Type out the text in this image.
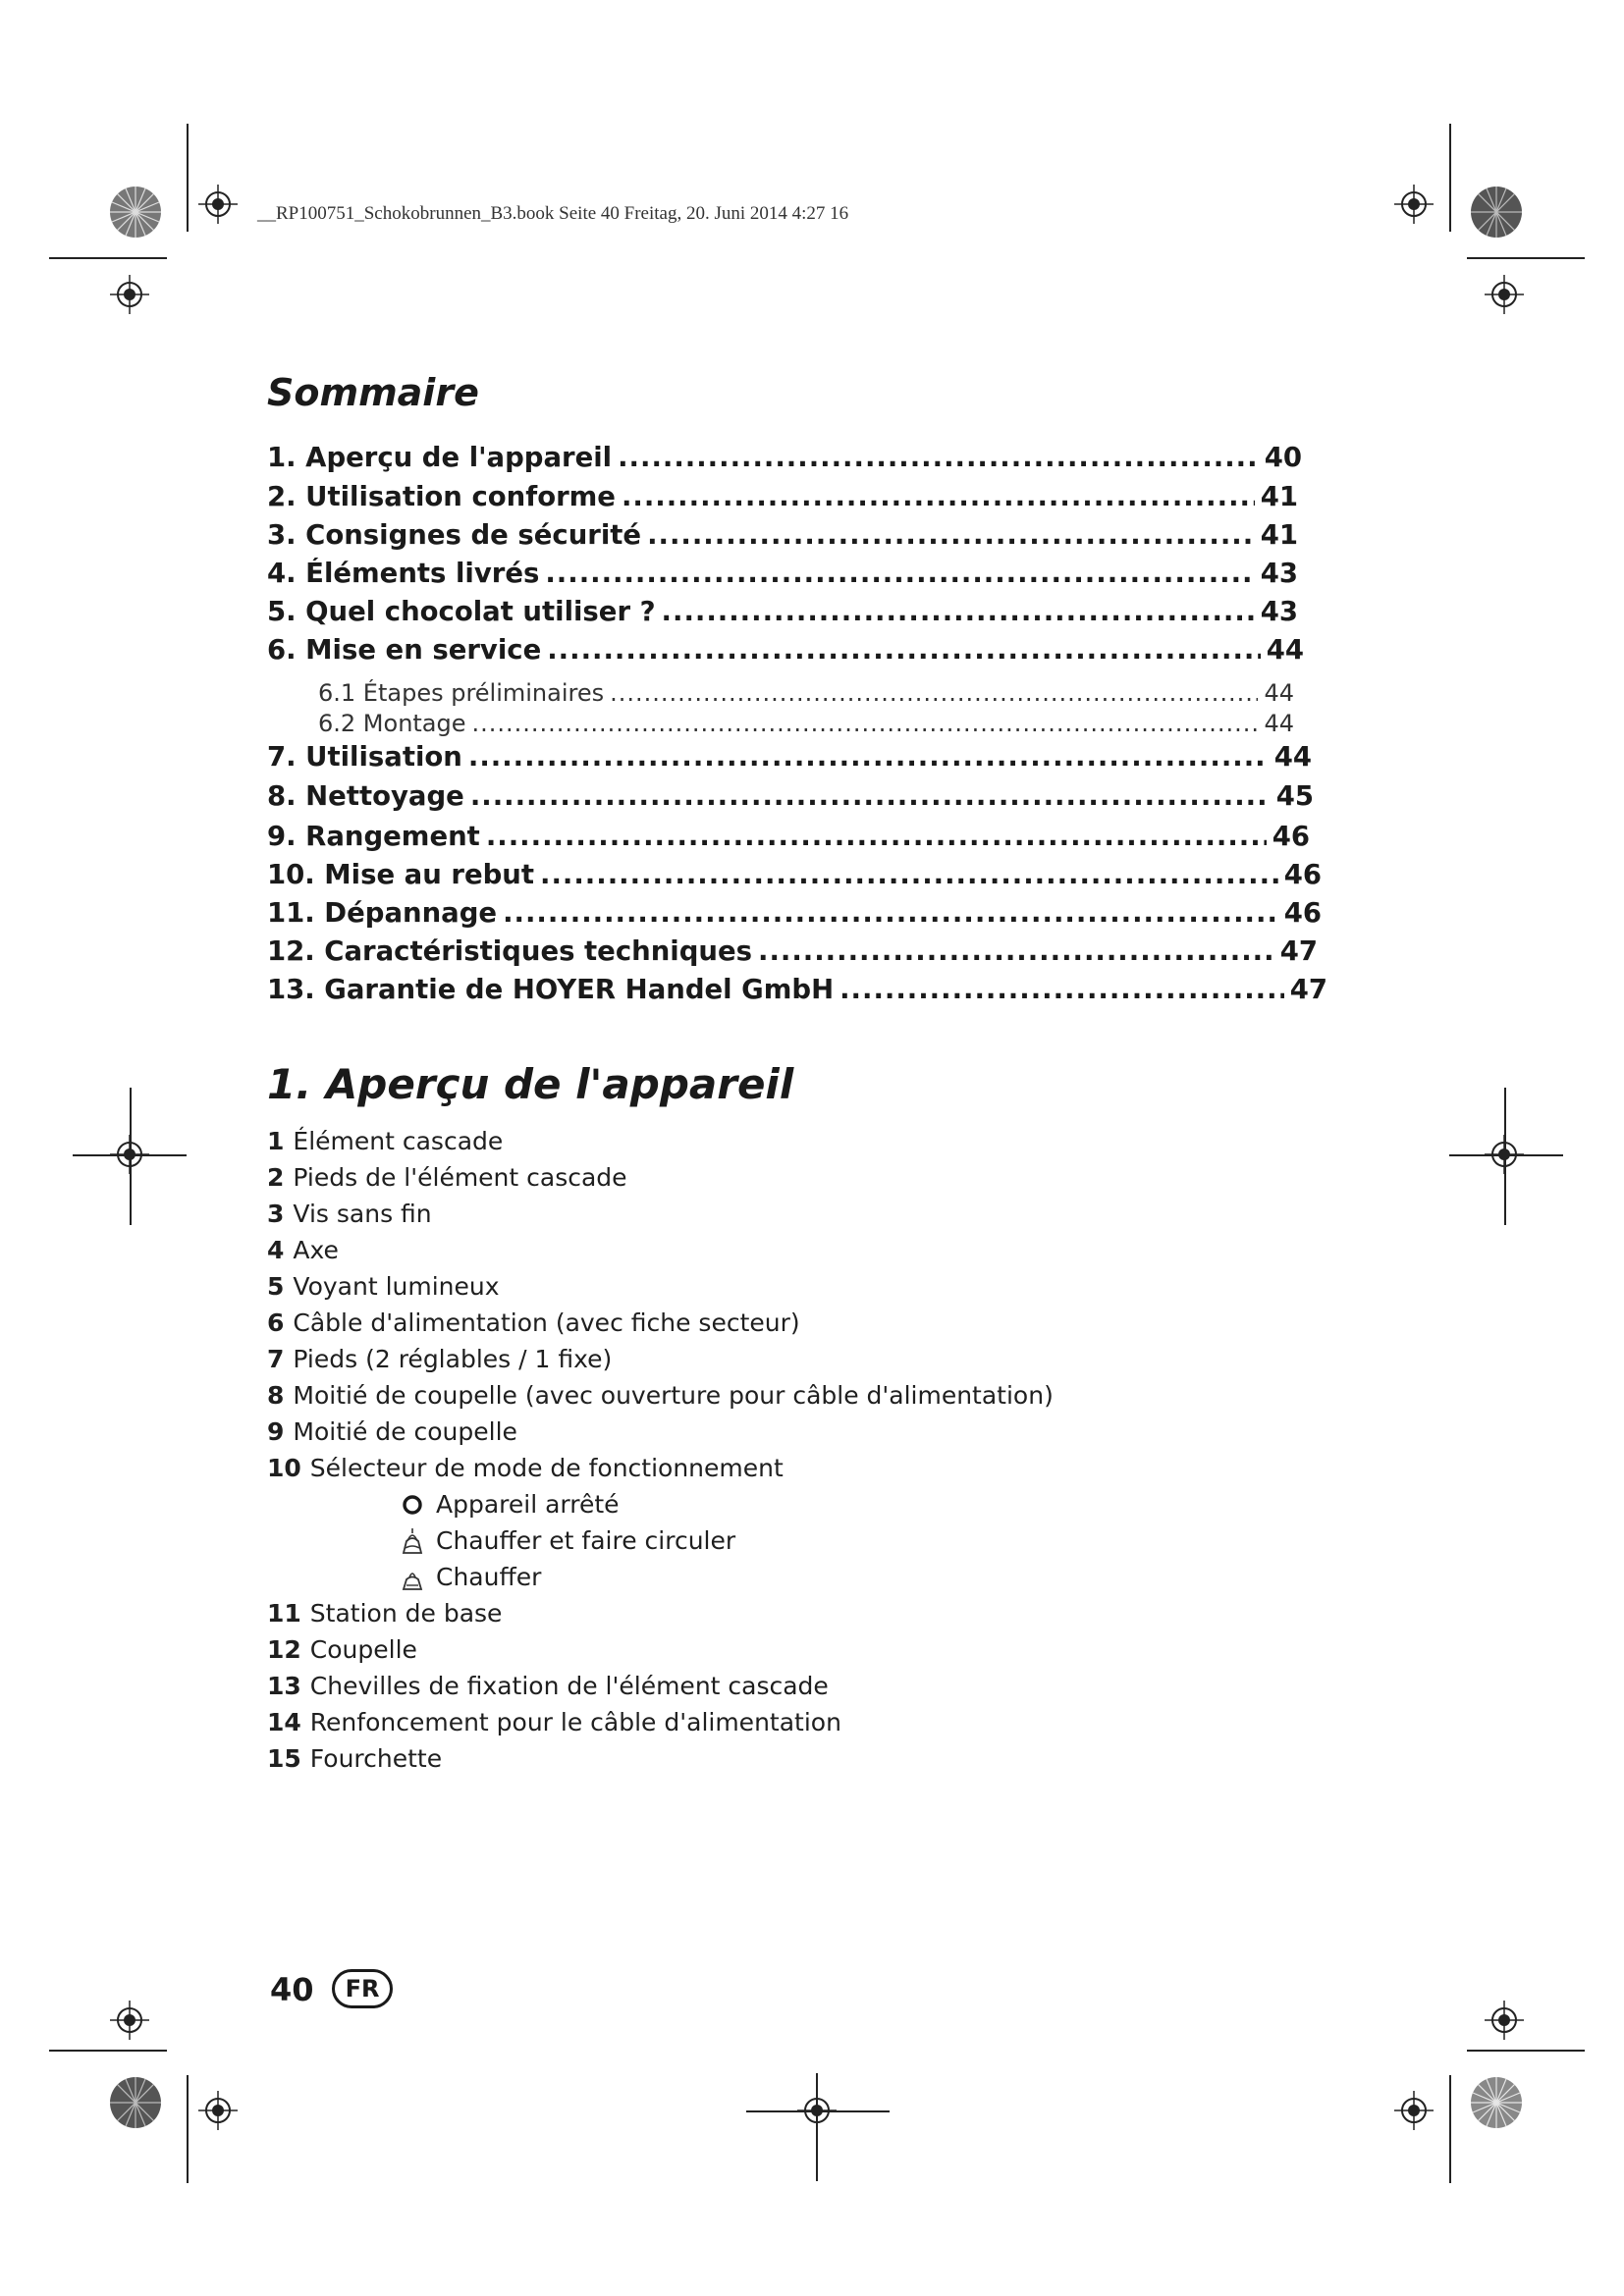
__RP100751_Schokobrunnen_B3.book Seite 40 Freitag, 20. Juni 2014 4:27 16
Sommaire
1. Aperçu de l'appareil .....	40
2. Utilisation conforme .....	41
3. Consignes de sécurité .....	41
4. Éléments livrés .....	43
5. Quel chocolat utiliser ? .....	43
6. Mise en service .....	44
6.1 Étapes préliminaires .....	44
6.2 Montage .....	44
7. Utilisation .....	44
8. Nettoyage .....	45
9. Rangement .....	46
10. Mise au rebut .....	46
11. Dépannage .....	46
12. Caractéristiques techniques .....	47
13. Garantie de HOYER Handel GmbH .....	47
1. Aperçu de l'appareil
1 Élément cascade
2 Pieds de l'élément cascade
3 Vis sans fin
4 Axe
5 Voyant lumineux
6 Câble d'alimentation (avec fiche secteur)
7 Pieds (2 réglables / 1 fixe)
8 Moitié de coupelle (avec ouverture pour câble d'alimentation)
9 Moitié de coupelle
10 Sélecteur de mode de fonctionnement
Appareil arrêté
Chauffer et faire circuler
Chauffer
11 Station de base
12 Coupelle
13 Chevilles de fixation de l'élément cascade
14 Renfoncement pour le câble d'alimentation
15 Fourchette
40	FR
